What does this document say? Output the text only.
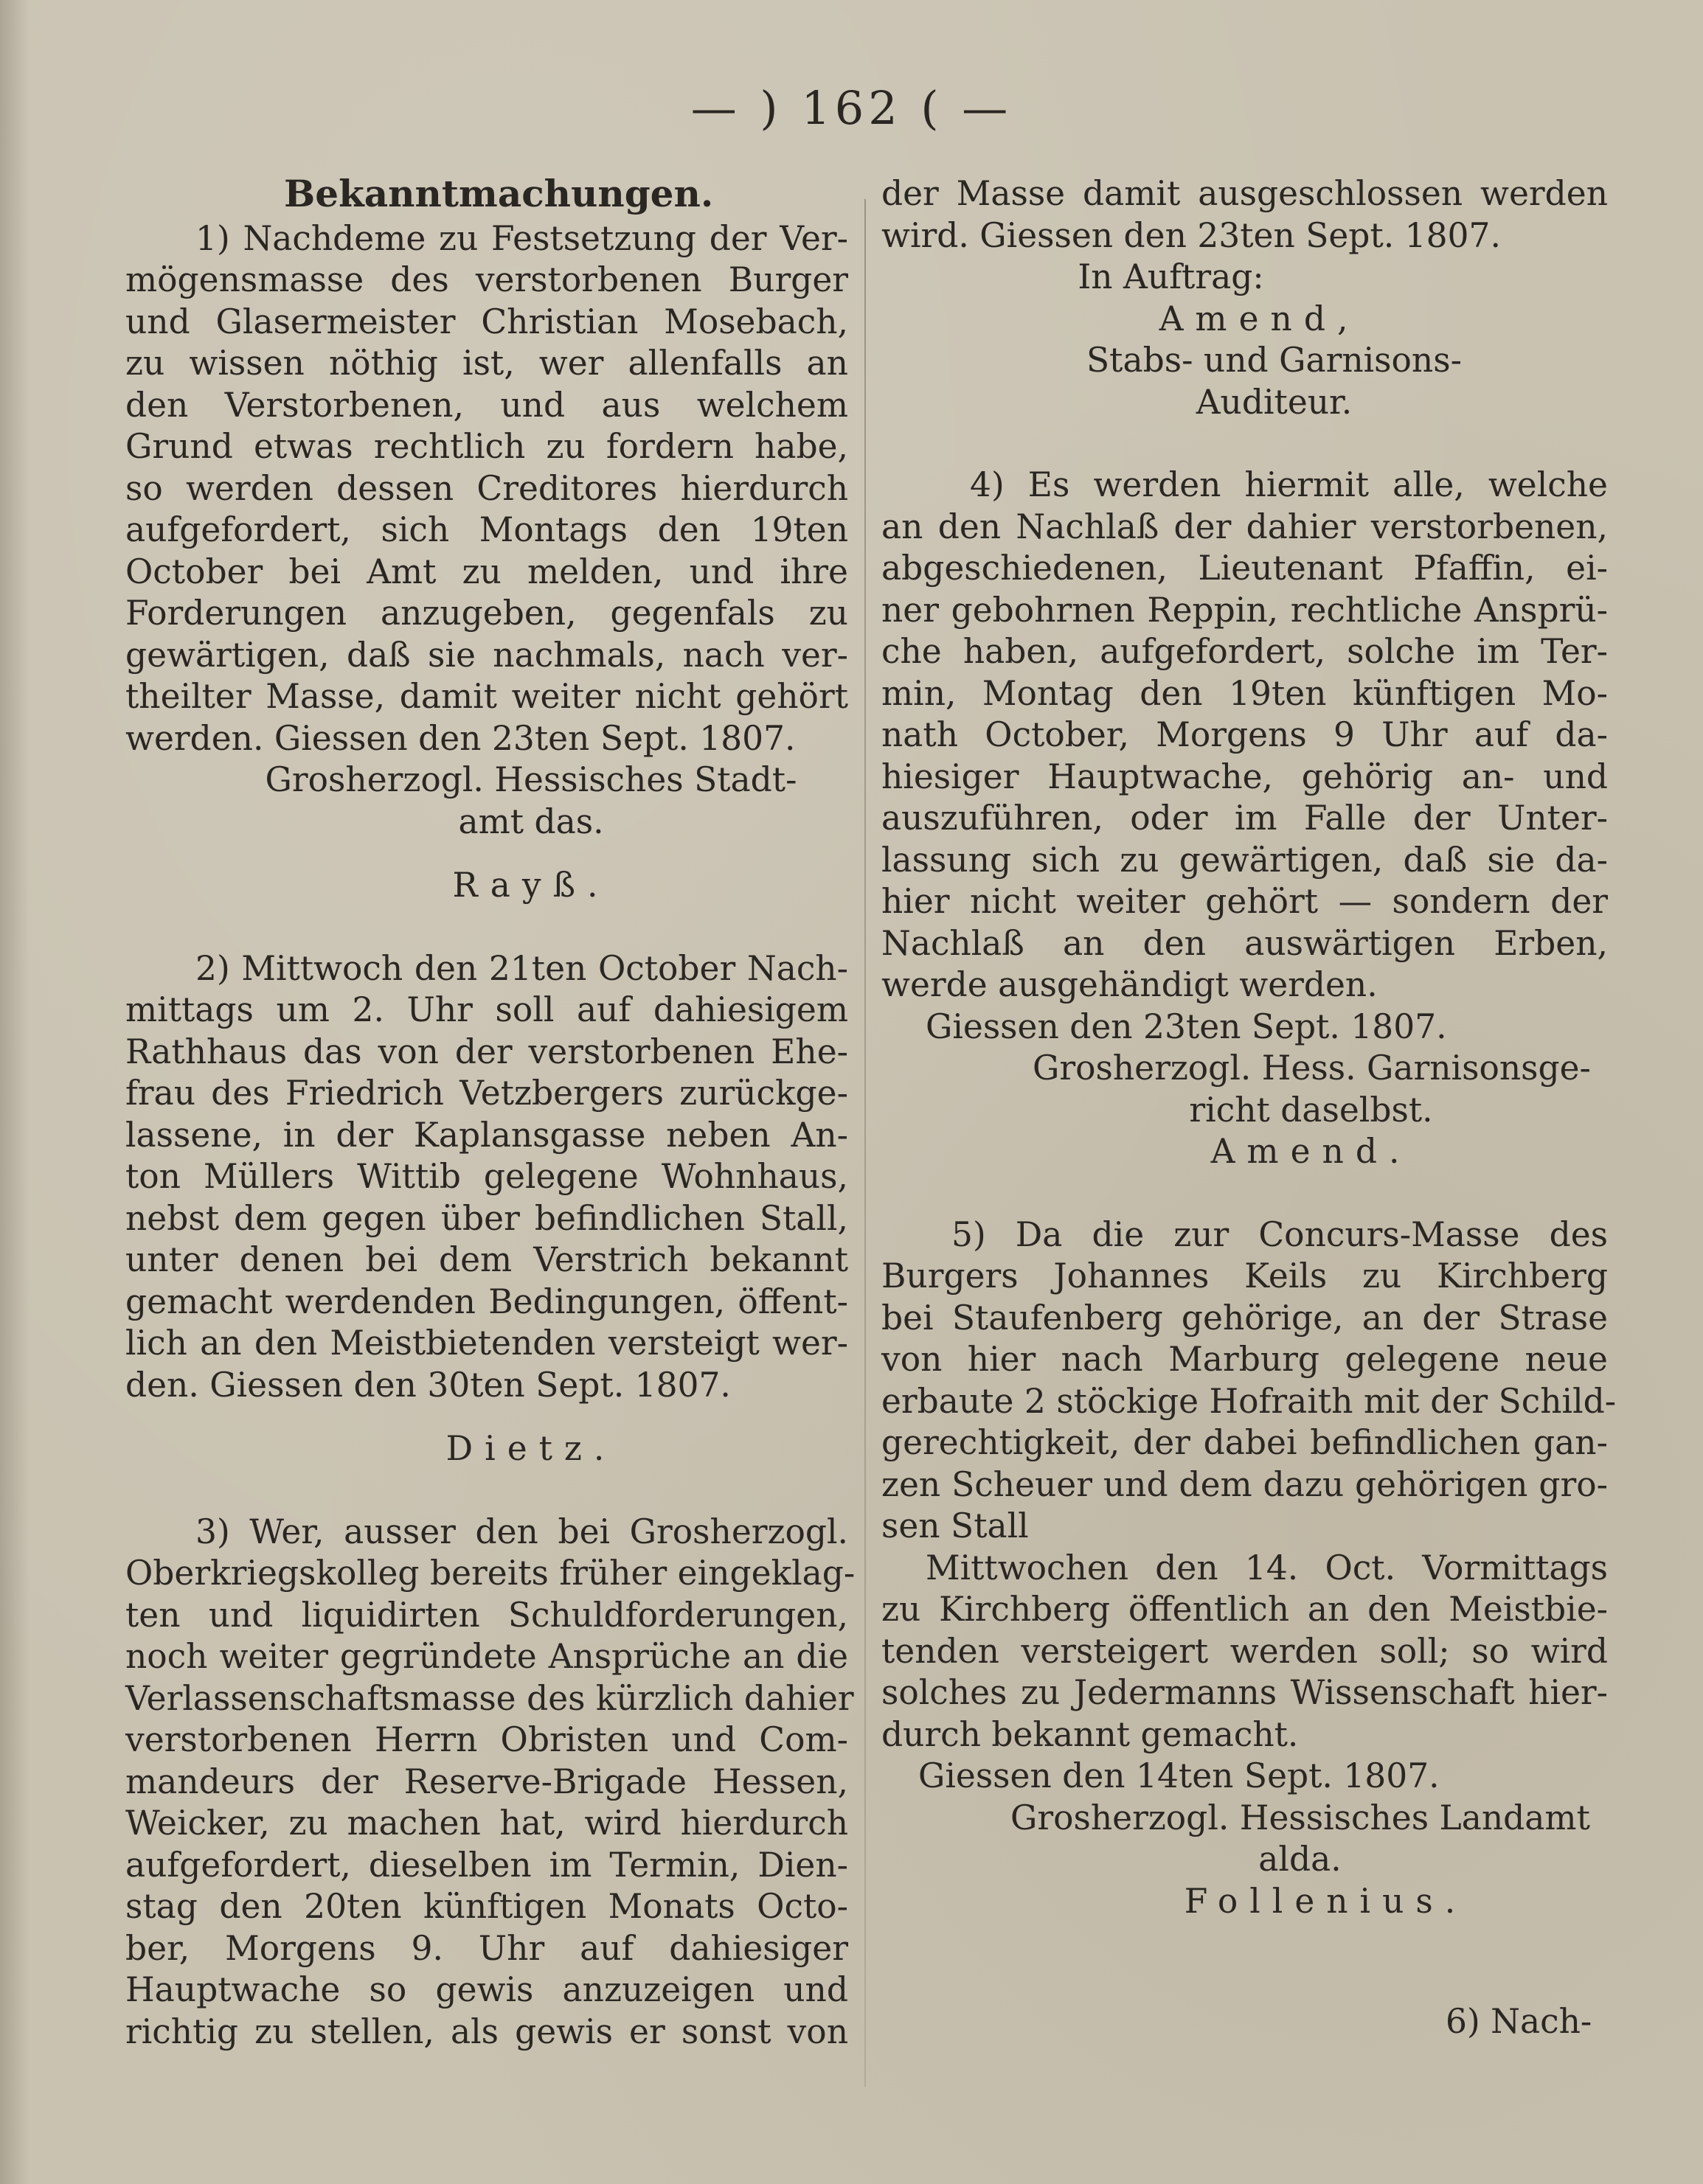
— ) 162 ( —
Bekanntmachungen.
1) Nachdeme zu Festsetzung der Ver-
mögensmasse des verstorbenen Burger
und Glasermeister Christian Mosebach,
zu wissen nöthig ist, wer allenfalls an
den Verstorbenen, und aus welchem
Grund etwas rechtlich zu fordern habe,
so werden dessen Creditores hierdurch
aufgefordert, sich Montags den 19ten
October bei Amt zu melden, und ihre
Forderungen anzugeben, gegenfals zu
gewärtigen, daß sie nachmals, nach ver-
theilter Masse, damit weiter nicht gehört
werden. Giessen den 23ten Sept. 1807.
Grosherzogl. Hessisches Stadt-
amt das.
Rayß.
2) Mittwoch den 21ten October Nach-
mittags um 2. Uhr soll auf dahiesigem
Rathhaus das von der verstorbenen Ehe-
frau des Friedrich Vetzbergers zurückge-
lassene, in der Kaplansgasse neben An-
ton Müllers Wittib gelegene Wohnhaus,
nebst dem gegen über befindlichen Stall,
unter denen bei dem Verstrich bekannt
gemacht werdenden Bedingungen, öffent-
lich an den Meistbietenden versteigt wer-
den. Giessen den 30ten Sept. 1807.
Dietz.
3) Wer, ausser den bei Grosherzogl.
Oberkriegskolleg bereits früher eingeklag-
ten und liquidirten Schuldforderungen,
noch weiter gegründete Ansprüche an die
Verlassenschaftsmasse des kürzlich dahier
verstorbenen Herrn Obristen und Com-
mandeurs der Reserve-Brigade Hessen,
Weicker, zu machen hat, wird hierdurch
aufgefordert, dieselben im Termin, Dien-
stag den 20ten künftigen Monats Octo-
ber, Morgens 9. Uhr auf dahiesiger
Hauptwache so gewis anzuzeigen und
richtig zu stellen, als gewis er sonst von
der Masse damit ausgeschlossen werden
wird. Giessen den 23ten Sept. 1807.
In Auftrag:
Amend,
Stabs- und Garnisons-
Auditeur.
4) Es werden hiermit alle, welche
an den Nachlaß der dahier verstorbenen,
abgeschiedenen, Lieutenant Pfaffin, ei-
ner gebohrnen Reppin, rechtliche Ansprü-
che haben, aufgefordert, solche im Ter-
min, Montag den 19ten künftigen Mo-
nath October, Morgens 9 Uhr auf da-
hiesiger Hauptwache, gehörig an- und
auszuführen, oder im Falle der Unter-
lassung sich zu gewärtigen, daß sie da-
hier nicht weiter gehört — sondern der
Nachlaß an den auswärtigen Erben,
werde ausgehändigt werden.
Giessen den 23ten Sept. 1807.
Grosherzogl. Hess. Garnisonsge-
richt daselbst.
Amend.
5) Da die zur Concurs-Masse des
Burgers Johannes Keils zu Kirchberg
bei Staufenberg gehörige, an der Strase
von hier nach Marburg gelegene neue
erbaute 2 stöckige Hofraith mit der Schild-
gerechtigkeit, der dabei befindlichen gan-
zen Scheuer und dem dazu gehörigen gro-
sen Stall
Mittwochen den 14. Oct. Vormittags
zu Kirchberg öffentlich an den Meistbie-
tenden versteigert werden soll; so wird
solches zu Jedermanns Wissenschaft hier-
durch bekannt gemacht.
Giessen den 14ten Sept. 1807.
Grosherzogl. Hessisches Landamt
alda.
Follenius.
6) Nach-
